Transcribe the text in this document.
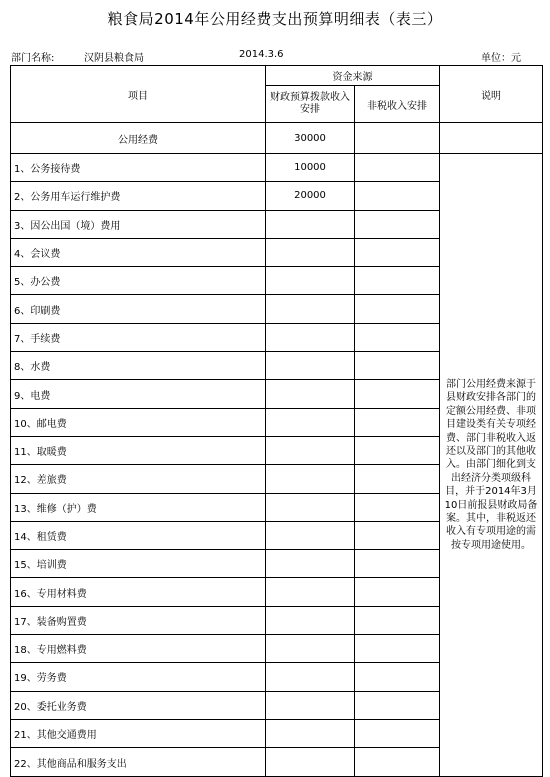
粮食局2014年公用经费支出预算明细表（表三）
部门名称:	汉阴县粮食局	2014.3.6	单位：元
项目	资金来源		说明
	财政预算拨款收入安排	非税收入安排	
公用经费	30000		
1、公务接待费	10000		部门公用经费来源于县财政安排各部门的定额公用经费、非项目建设类有关专项经费、部门非税收入返还以及部门的其他收入。由部门细化到支出经济分类项级科目，并于2014年3月10日前报县财政局备案。其中，非税返还收入有专项用途的需按专项用途使用。
2、公务用车运行维护费	20000		
3、因公出国（境）费用			
4、会议费			
5、办公费			
6、印刷费			
7、手续费			
8、水费			
9、电费			
10、邮电费			
11、取暖费			
12、差旅费			
13、维修（护）费			
14、租赁费			
15、培训费			
16、专用材料费			
17、装备购置费			
18、专用燃料费			
19、劳务费			
20、委托业务费			
21、其他交通费用			
22、其他商品和服务支出			
